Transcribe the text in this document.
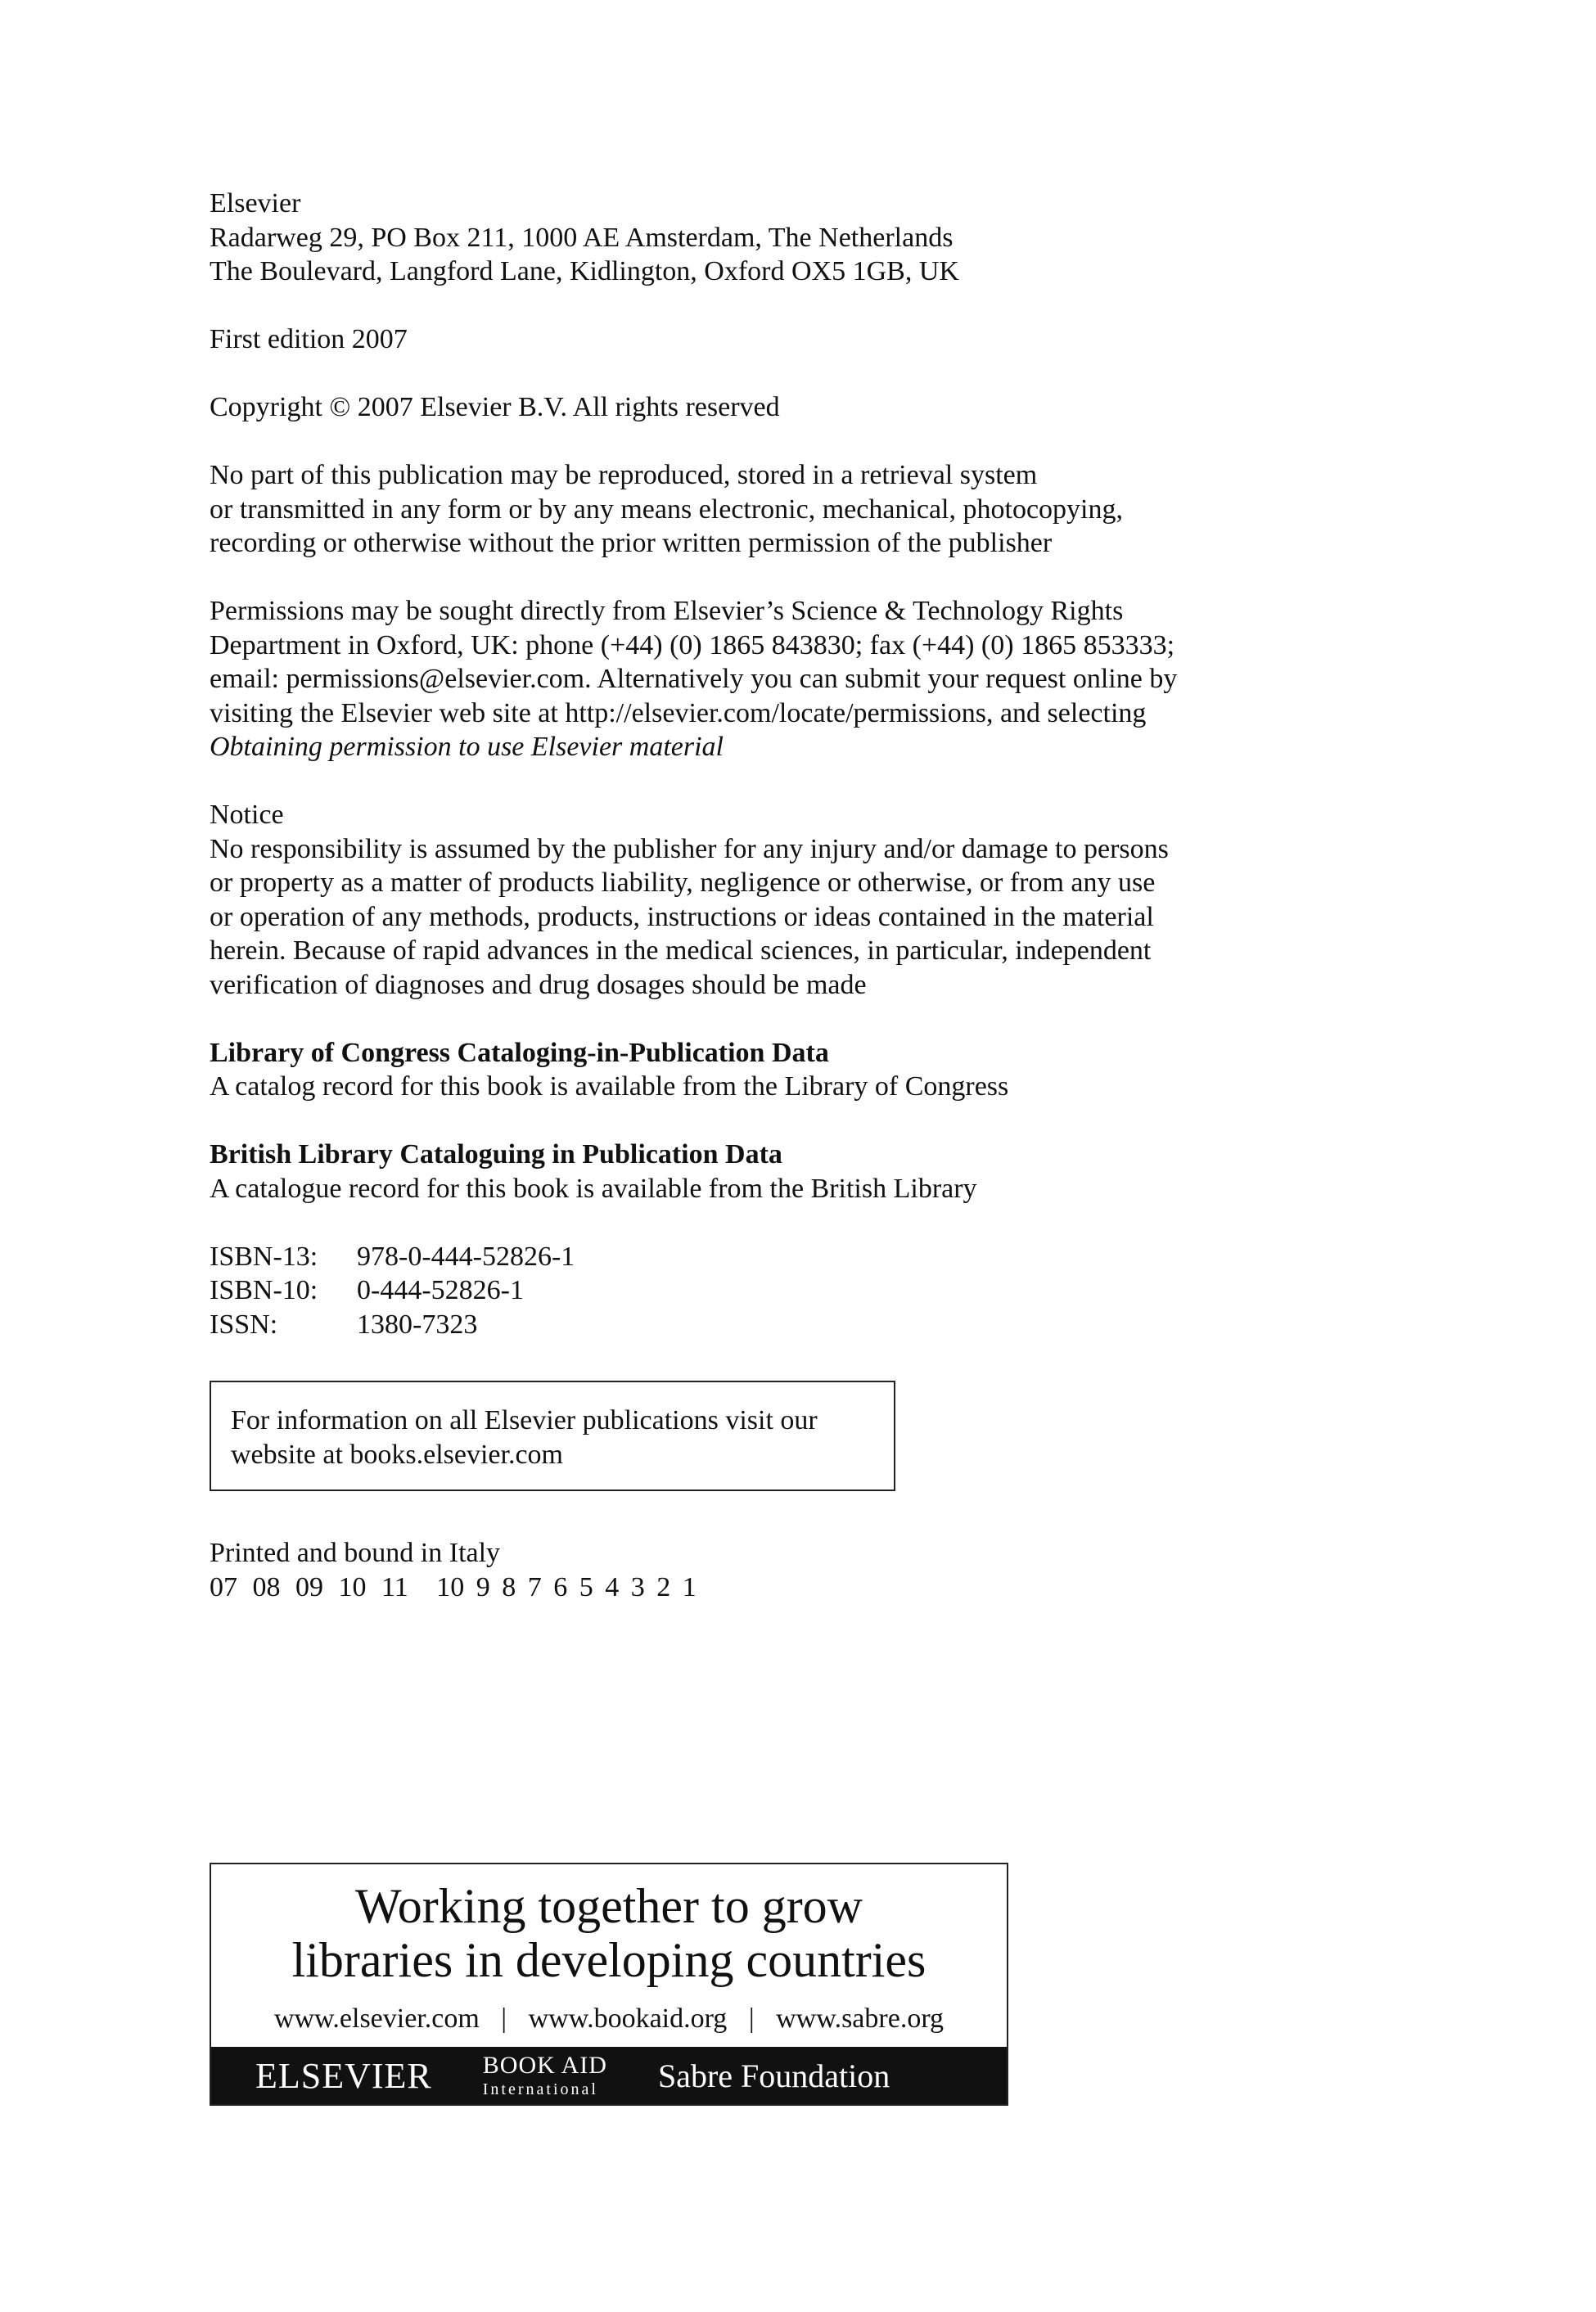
Elsevier

Radarweg 29, PO Box 211, 1000 AE Amsterdam, The Netherlands

The Boulevard, Langford Lane, Kidlington, Oxford OX5 1GB, UK

First edition 2007

Copyright © 2007 Elsevier B.V. All rights reserved

No part of this publication may be reproduced, stored in a retrieval system

or transmitted in any form or by any means electronic, mechanical, photocopying,

recording or otherwise without the prior written permission of the publisher

Permissions may be sought directly from Elsevier’s Science & Technology Rights

Department in Oxford, UK: phone (+44) (0) 1865 843830; fax (+44) (0) 1865 853333;

email: permissions@elsevier.com. Alternatively you can submit your request online by

visiting the Elsevier web site at http://elsevier.com/locate/permissions, and selecting

Obtaining permission to use Elsevier material

Notice

No responsibility is assumed by the publisher for any injury and/or damage to persons

or property as a matter of products liability, negligence or otherwise, or from any use

or operation of any methods, products, instructions or ideas contained in the material

herein. Because of rapid advances in the medical sciences, in particular, independent

verification of diagnoses and drug dosages should be made

Library of Congress Cataloging-in-Publication Data

A catalog record for this book is available from the Library of Congress

British Library Cataloguing in Publication Data

A catalogue record for this book is available from the British Library

ISBN-13:	978-0-444-52826-1
ISBN-10:	0-444-52826-1
ISSN:	1380-7323

For information on all Elsevier publications visit our

website at books.elsevier.com

Printed and bound in Italy

07 08 09 10 11 10 9 8 7 6 5 4 3 2 1

Working together to grow
libraries in developing countries
www.elsevier.com | www.bookaid.org | www.sabre.org
ELSEVIER BOOK AID
International Sabre Foundation
